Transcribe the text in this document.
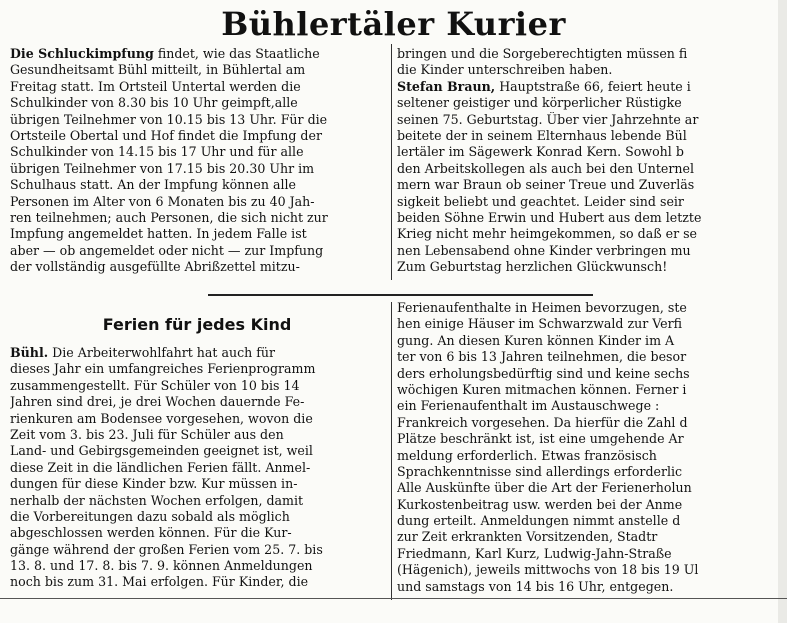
Bühlertäler Kurier
Die Schluckimpfung findet, wie das Staatliche
Gesundheitsamt Bühl mitteilt, in Bühlertal am
Freitag statt. Im Ortsteil Untertal werden die
Schulkinder von 8.30 bis 10 Uhr geimpft,alle
übrigen Teilnehmer von 10.15 bis 13 Uhr. Für die
Ortsteile Obertal und Hof findet die Impfung der
Schulkinder von 14.15 bis 17 Uhr und für alle
übrigen Teilnehmer von 17.15 bis 20.30 Uhr im
Schulhaus statt. An der Impfung können alle
Personen im Alter von 6 Monaten bis zu 40 Jah-
ren teilnehmen; auch Personen, die sich nicht zur
Impfung angemeldet hatten. In jedem Falle ist
aber — ob angemeldet oder nicht — zur Impfung
der vollständig ausgefüllte Abrißzettel mitzu-
bringen und die Sorgeberechtigten müssen fi
die Kinder unterschreiben haben.
Stefan Braun, Hauptstraße 66, feiert heute i
seltener geistiger und körperlicher Rüstigke
seinen 75. Geburtstag. Über vier Jahrzehnte ar
beitete der in seinem Elternhaus lebende Bül
lertäler im Sägewerk Konrad Kern. Sowohl b
den Arbeitskollegen als auch bei den Unternel
mern war Braun ob seiner Treue und Zuverläs
sigkeit beliebt und geachtet. Leider sind seir
beiden Söhne Erwin und Hubert aus dem letzte
Krieg nicht mehr heimgekommen, so daß er se
nen Lebensabend ohne Kinder verbringen mu
Zum Geburtstag herzlichen Glückwunsch!
Ferien für jedes Kind
Bühl. Die Arbeiterwohlfahrt hat auch für
dieses Jahr ein umfangreiches Ferienprogramm
zusammengestellt. Für Schüler von 10 bis 14
Jahren sind drei, je drei Wochen dauernde Fe-
rienkuren am Bodensee vorgesehen, wovon die
Zeit vom 3. bis 23. Juli für Schüler aus den
Land- und Gebirgsgemeinden geeignet ist, weil
diese Zeit in die ländlichen Ferien fällt. Anmel-
dungen für diese Kinder bzw. Kur müssen in-
nerhalb der nächsten Wochen erfolgen, damit
die Vorbereitungen dazu sobald als möglich
abgeschlossen werden können. Für die Kur-
gänge während der großen Ferien vom 25. 7. bis
13. 8. und 17. 8. bis 7. 9. können Anmeldungen
noch bis zum 31. Mai erfolgen. Für Kinder, die
Ferienaufenthalte in Heimen bevorzugen, ste
hen einige Häuser im Schwarzwald zur Verfi
gung. An diesen Kuren können Kinder im A
ter von 6 bis 13 Jahren teilnehmen, die besor
ders erholungsbedürftig sind und keine sechs
wöchigen Kuren mitmachen können. Ferner i
ein Ferienaufenthalt im Austauschwege :
Frankreich vorgesehen. Da hierfür die Zahl d
Plätze beschränkt ist, ist eine umgehende Ar
meldung erforderlich. Etwas französisch
Sprachkenntnisse sind allerdings erforderlic
Alle Auskünfte über die Art der Ferienerholun
Kurkostenbeitrag usw. werden bei der Anme
dung erteilt. Anmeldungen nimmt anstelle d
zur Zeit erkrankten Vorsitzenden, Stadtr
Friedmann, Karl Kurz, Ludwig-Jahn-Straße
(Hägenich), jeweils mittwochs von 18 bis 19 Ul
und samstags von 14 bis 16 Uhr, entgegen.
